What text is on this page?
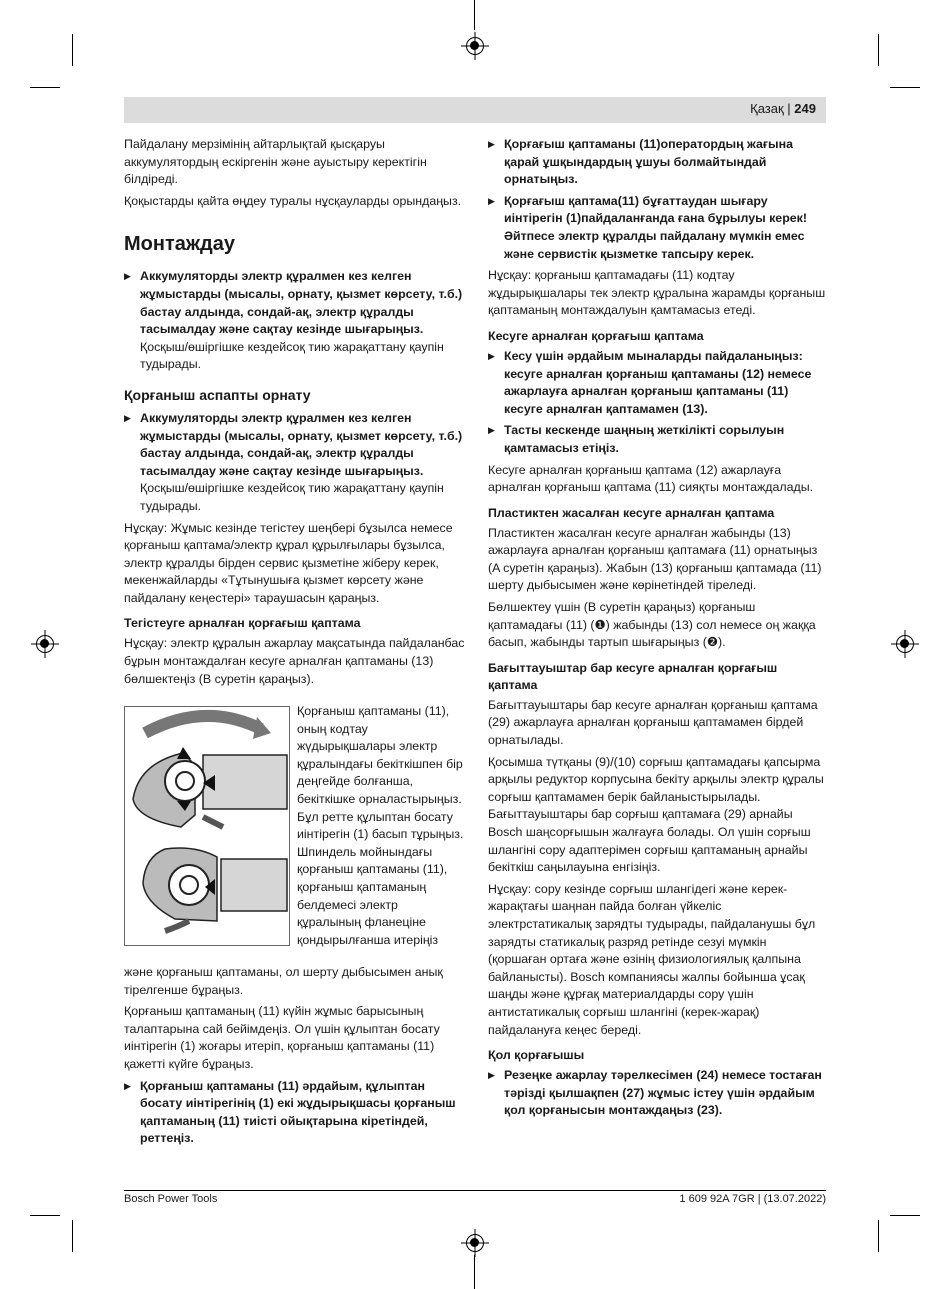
Қазақ | 249

Пайдалану мерзімінің айтарлықтай қысқаруы аккумулятордың ескіргенін және ауыстыру керектігін білдіреді.

Қоқыстарды қайта өңдеу туралы нұсқауларды орындаңыз.

Монтаждау
▶ Аккумуляторды электр құралмен кез келген жұмыстарды (мысалы, орнату, қызмет көрсету, т.б.) бастау алдында, сондай-ақ, электр құралды тасымалдау және сақтау кезінде шығарыңыз.
Қосқыш/өшіргішке кездейсоқ тию жарақаттану қаупін тудырады.
Қорғаныш аспапты орнату
▶ Аккумуляторды электр құралмен кез келген жұмыстарды (мысалы, орнату, қызмет көрсету, т.б.) бастау алдында, сондай-ақ, электр құралды тасымалдау және сақтау кезінде шығарыңыз.
Қосқыш/өшіргішке кездейсоқ тию жарақаттану қаупін тудырады.

Нұсқау: Жұмыс кезінде тегістеу шеңбері бұзылса немесе қорғаныш қаптама/электр құрал құрылғылары бұзылса, электр құралды бірден сервис қызметіне жіберу керек, мекенжайларды «Тұтынушыға қызмет көрсету және пайдалану кеңестері» тараушасын қараңыз.

Тегістеуге арналған қорғағыш қаптама

Нұсқау: электр құралын ажарлау мақсатында пайдаланбас бұрын монтаждалған кесуге арналған қаптаманы (13) бөлшектеңіз (B суретін қараңыз).

Қорғаныш қаптаманы (11), оның кодтау жүдырықшалары электр құралындағы бекіткішпен бір деңгейде болғанша, бекіткішке орналастырыңыз. Бұл ретте құлыптан босату иінтірегін (1) басып тұрыңыз. Шпиндель мойнындағы қорғаныш қаптаманы (11), қорғаныш қаптаманың белдемесі электр құралының фланеціне қондырылғанша итеріңіз

және қорғаныш қаптаманы, ол шерту дыбысымен анық тірелгенше бұраңыз.

Қорғаныш қаптаманың (11) күйін жұмыс барысының талаптарына сай бейімдеңіз. Ол үшін құлыптан босату иінтірегін (1) жоғары итеріп, қорғаныш қаптаманы (11) қажетті күйге бұраңыз.

▶ Қорғаныш қаптаманы (11) әрдайым, құлыптан босату иінтірегінің (1) екі жұдырықшасы қорғаныш қаптаманың (11) тиісті ойықтарына кіретіндей, реттеңіз.
▶ Қорғағыш қаптаманы (11)оператордың жағына қарай ұшқындардың ұшуы болмайтындай орнатыңыз.
▶ Қорғағыш қаптама(11) бұғаттаудан шығару иінтірегін (1)пайдаланғанда ғана бұрылуы керек! Әйтпесе электр құралды пайдалану мүмкін емес және сервистік қызметке тапсыру керек.

Нұсқау: қорғаныш қаптамадағы (11) кодтау жұдырықшалары тек электр құралына жарамды қорғаныш қаптаманың монтаждалуын қамтамасыз етеді.

Кесуге арналған қорғағыш қаптама
▶ Кесу үшін әрдайым мыналарды пайдаланыңыз: кесуге арналған қорғаныш қаптаманы (12) немесе ажарлауға арналған қорғаныш қаптаманы (11) кесуге арналған қаптамамен (13).
▶ Тасты кескенде шаңның жеткілікті сорылуын қамтамасыз етіңіз.

Кесуге арналған қорғаныш қаптама (12) ажарлауға арналған қорғаныш қаптама (11) сияқты монтаждалады.

Пластиктен жасалған кесуге арналған қаптама

Пластиктен жасалған кесуге арналған жабынды (13) ажарлауға арналған қорғаныш қаптамаға (11) орнатыңыз (A суретін қараңыз). Жабын (13) қорғаныш қаптамада (11) шерту дыбысымен және көрінетіндей тіреледі.

Бөлшектеу үшін (B суретін қараңыз) қорғаныш қаптамадағы (11) (❶) жабынды (13) сол немесе оң жаққа басып, жабынды тартып шығарыңыз (❷).

Бағыттауыштар бар кесуге арналған қорғағыш қаптама

Бағыттауыштары бар кесуге арналған қорғаныш қаптама (29) ажарлауға арналған қорғаныш қаптамамен бірдей орнатылады.

Қосымша түтқаны (9)/(10) сорғыш қаптамадағы қапсырма арқылы редуктор корпусына бекіту арқылы электр құралы сорғыш қаптамамен берік байланыстырылады. Бағыттауыштары бар сорғыш қаптамаға (29) арнайы Bosch шаңсорғышын жалғауға болады. Ол үшін сорғыш шлангіні сору адаптерімен сорғыш қаптаманың арнайы бекіткіш саңылауына енгізіңіз.

Нұсқау: сору кезінде сорғыш шлангідегі және керек-жарақтағы шаңнан пайда болған үйкеліс электрстатикалық зарядты тудырады, пайдаланушы бұл зарядты статикалық разряд ретінде сезуі мүмкін (қоршаған ортаға және өзінің физиологиялық қалпына байланысты). Bosch компаниясы жалпы бойынша ұсақ шаңды және құрғақ материалдарды сору үшін антистатикалық сорғыш шлангіні (керек-жарақ) пайдалануға кеңес береді.

Қол қорғағышы
▶ Резеңке ажарлау тәрелкесімен (24) немесе тостаған тәрізді қылшақпен (27) жұмыс істеу үшін әрдайым қол қорғанысын монтаждаңыз (23).
Bosch Power Tools	1 609 92A 7GR | (13.07.2022)
